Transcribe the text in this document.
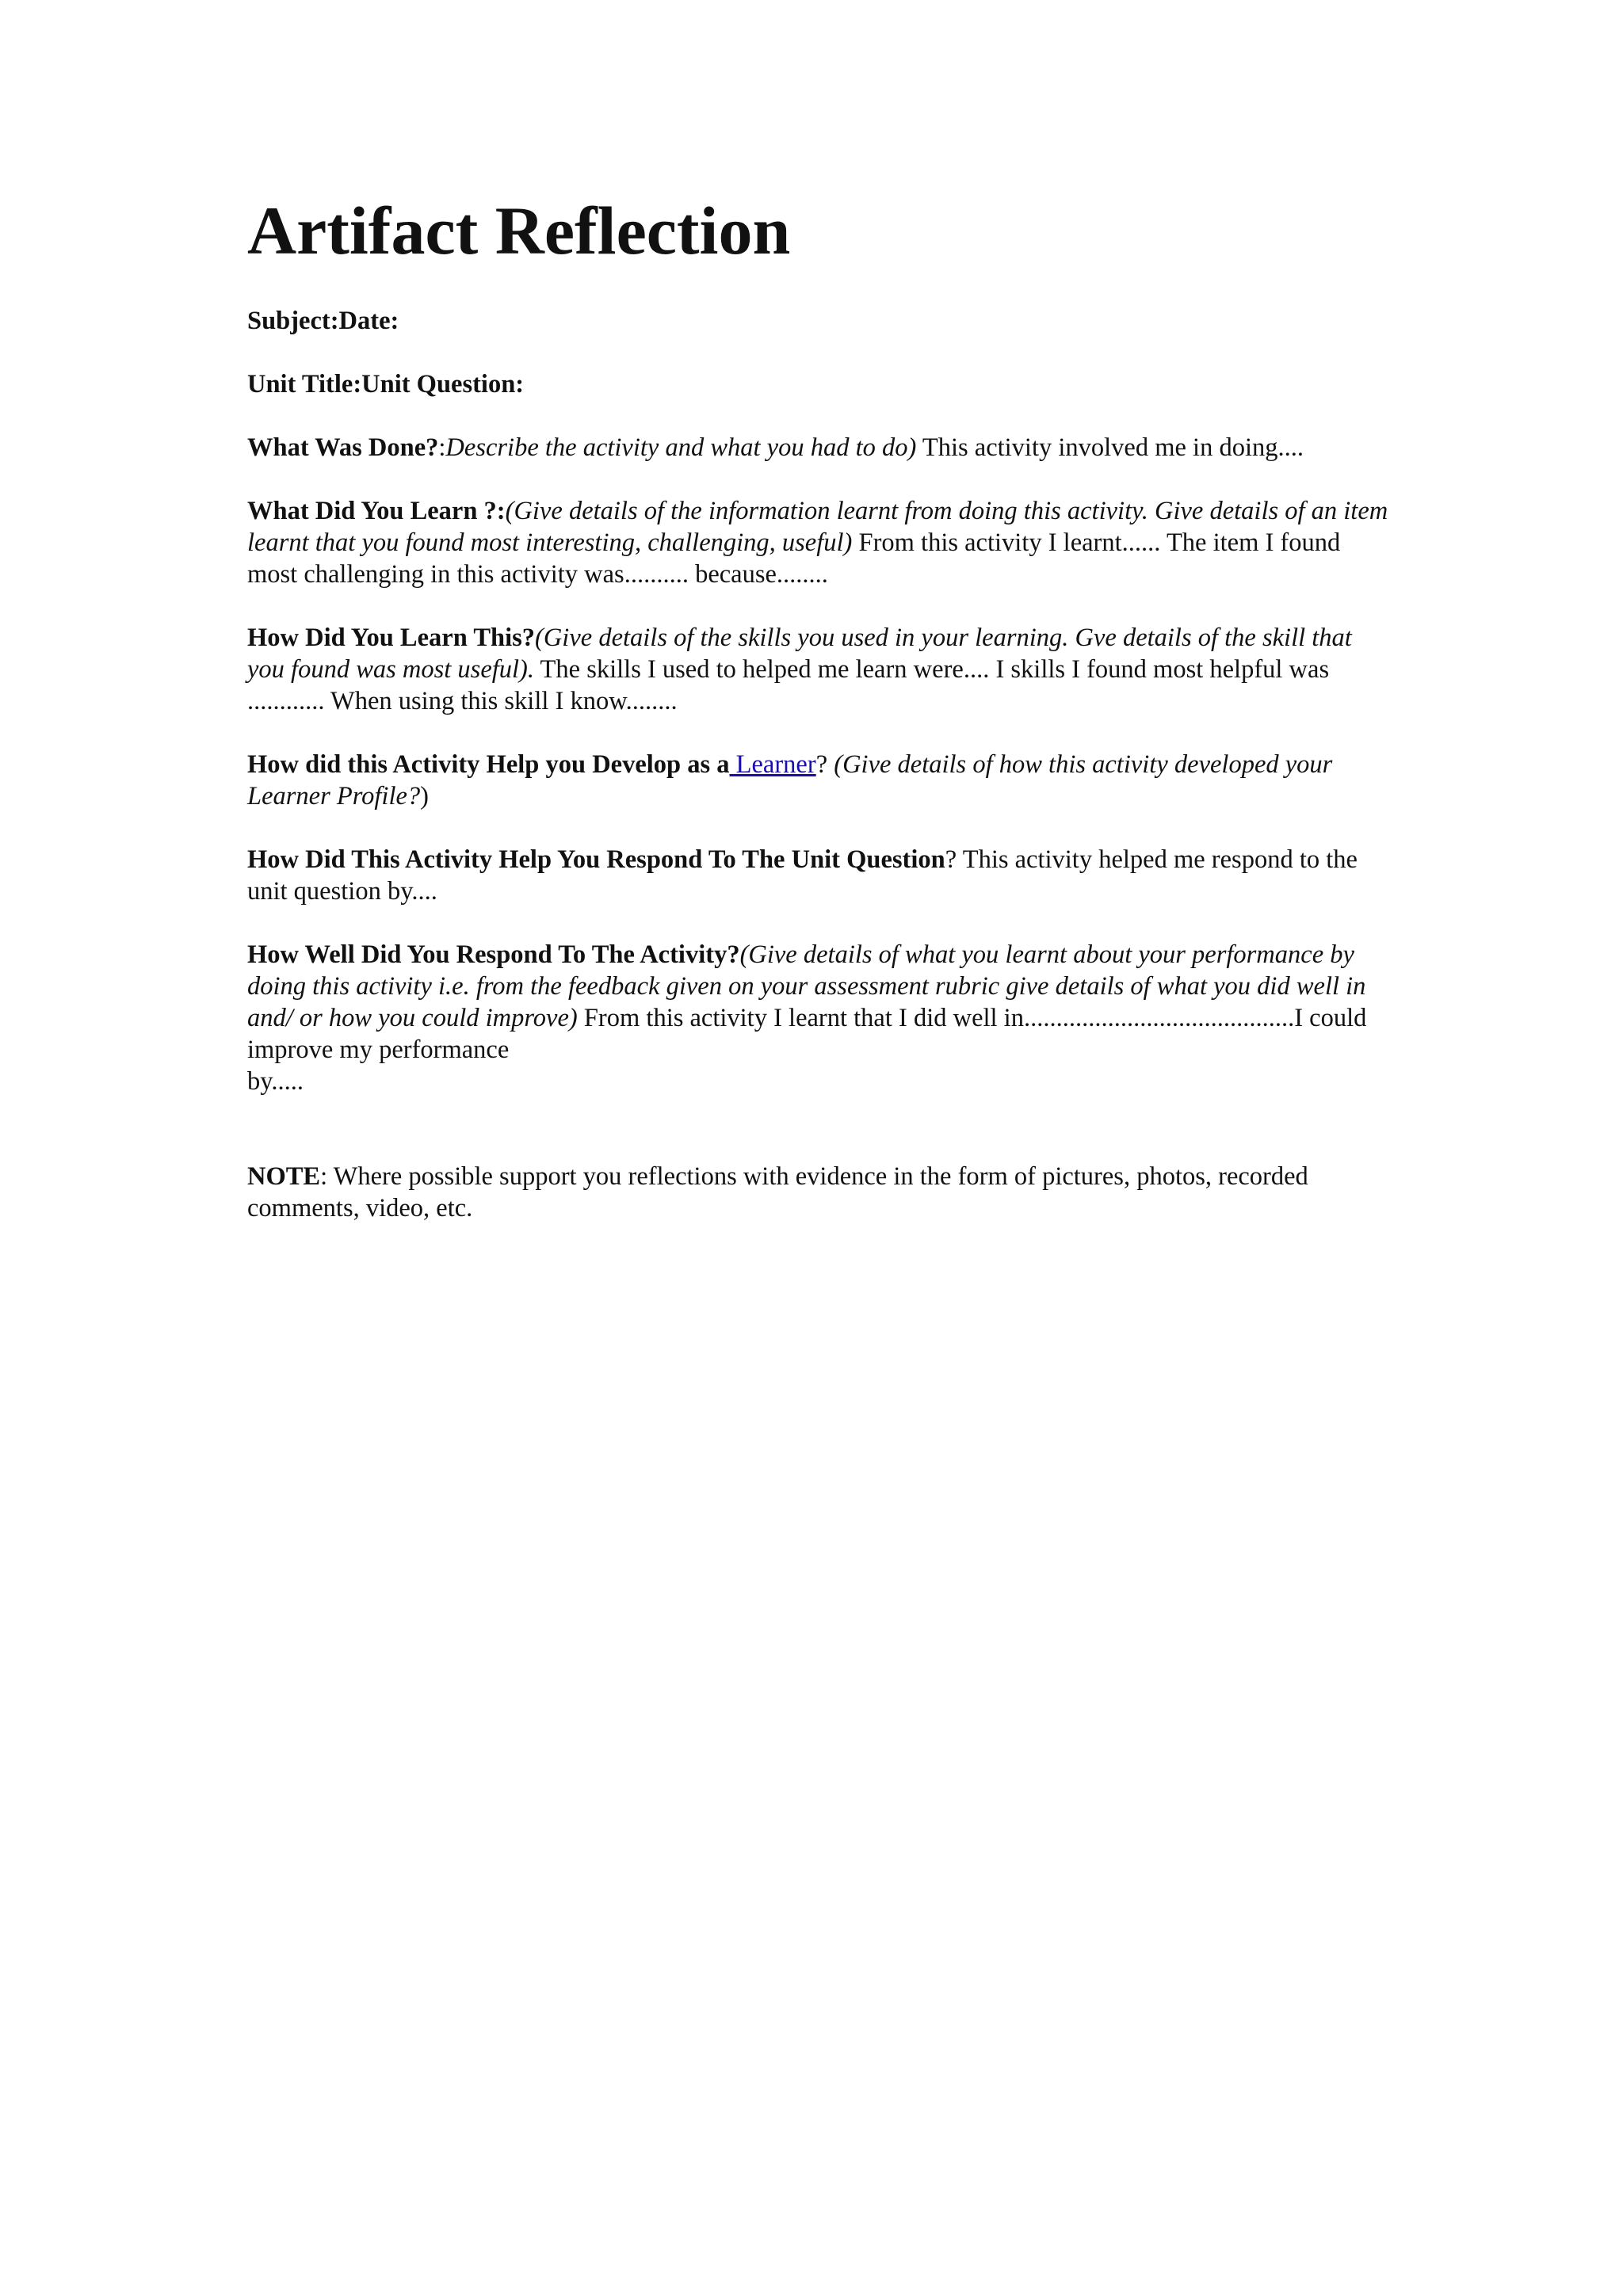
Artifact Reflection

Subject:Date:

Unit Title:Unit Question:

What Was Done?:Describe the activity and what you had to do) This activity involved me in doing....

What Did You Learn ?:(Give details of the information learnt from doing this activity. Give details of an item learnt that you found most interesting, challenging, useful) From this activity I learnt...... The item I found most challenging in this activity was.......... because........

How Did You Learn This?(Give details of the skills you used in your learning. Gve details of the skill that you found was most useful). The skills I used to helped me learn were.... I skills I found most helpful was ............ When using this skill I know........

How did this Activity Help you Develop as a Learner? (Give details of how this activity developed your Learner Profile?)

How Did This Activity Help You Respond To The Unit Question? This activity helped me respond to the unit question by....

How Well Did You Respond To The Activity?(Give details of what you learnt about your performance by doing this activity i.e. from the feedback given on your assessment rubric give details of what you did well in and/ or how you could improve) From this activity I learnt that I did well in..........................................I could improve my performance
by.....

NOTE: Where possible support you reflections with evidence in the form of pictures, photos, recorded comments, video, etc.
